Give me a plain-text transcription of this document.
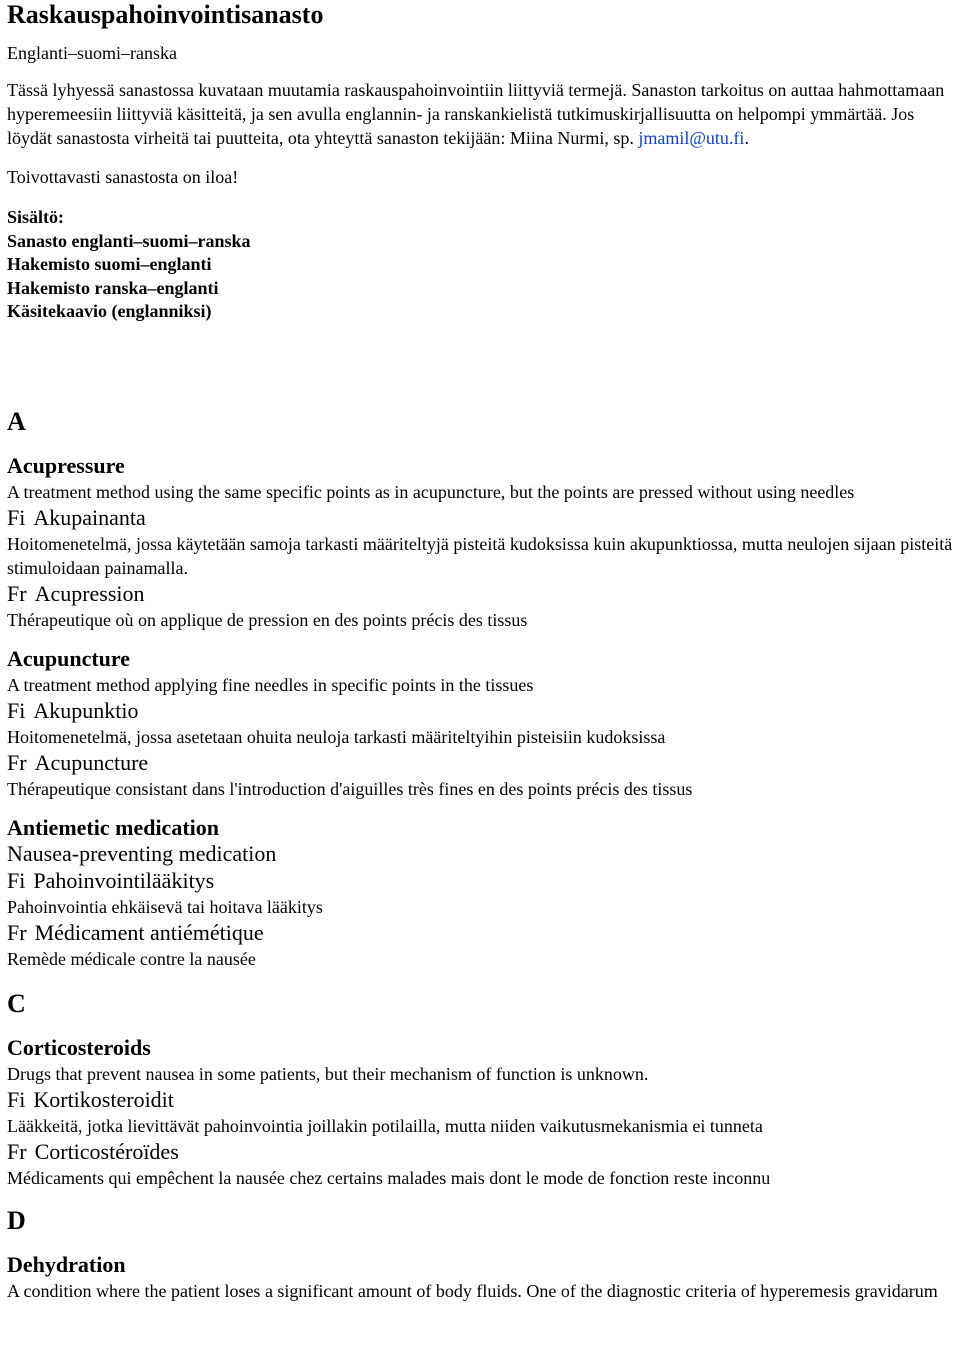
Raskauspahoinvointisanasto
Englanti–suomi–ranska
Tässä lyhyessä sanastossa kuvataan muutamia raskauspahoinvointiin liittyviä termejä. Sanaston tarkoitus on auttaa hahmottamaan hyperemeesiin liittyviä käsitteitä, ja sen avulla englannin- ja ranskankielistä tutkimuskirjallisuutta on helpompi ymmärtää. Jos löydät sanastosta virheitä tai puutteita, ota yhteyttä sanaston tekijään: Miina Nurmi, sp. jmamil@utu.fi.
Toivottavasti sanastosta on iloa!
Sisältö:
Sanasto englanti–suomi–ranska
Hakemisto suomi–englanti
Hakemisto ranska–englanti
Käsitekaavio (englanniksi)
A
Acupressure
A treatment method using the same specific points as in acupuncture, but the points are pressed without using needles
Fi Akupainanta
Hoitomenetelmä, jossa käytetään samoja tarkasti määriteltyjä pisteitä kudoksissa kuin akupunktiossa, mutta neulojen sijaan pisteitä stimuloidaan painamalla.
Fr Acupression
Thérapeutique où on applique de pression en des points précis des tissus
Acupuncture
A treatment method applying fine needles in specific points in the tissues
Fi Akupunktio
Hoitomenetelmä, jossa asetetaan ohuita neuloja tarkasti määriteltyihin pisteisiin kudoksissa
Fr Acupuncture
Thérapeutique consistant dans l'introduction d'aiguilles très fines en des points précis des tissus
Antiemetic medication
Nausea-preventing medication
Fi Pahoinvointilääkitys
Pahoinvointia ehkäisevä tai hoitava lääkitys
Fr Médicament antiémétique
Remède médicale contre la nausée
C
Corticosteroids
Drugs that prevent nausea in some patients, but their mechanism of function is unknown.
Fi Kortikosteroidit
Lääkkeitä, jotka lievittävät pahoinvointia joillakin potilailla, mutta niiden vaikutusmekanismia ei tunneta
Fr Corticostéroïdes
Médicaments qui empêchent la nausée chez certains malades mais dont le mode de fonction reste inconnu
D
Dehydration
A condition where the patient loses a significant amount of body fluids. One of the diagnostic criteria of hyperemesis gravidarum
